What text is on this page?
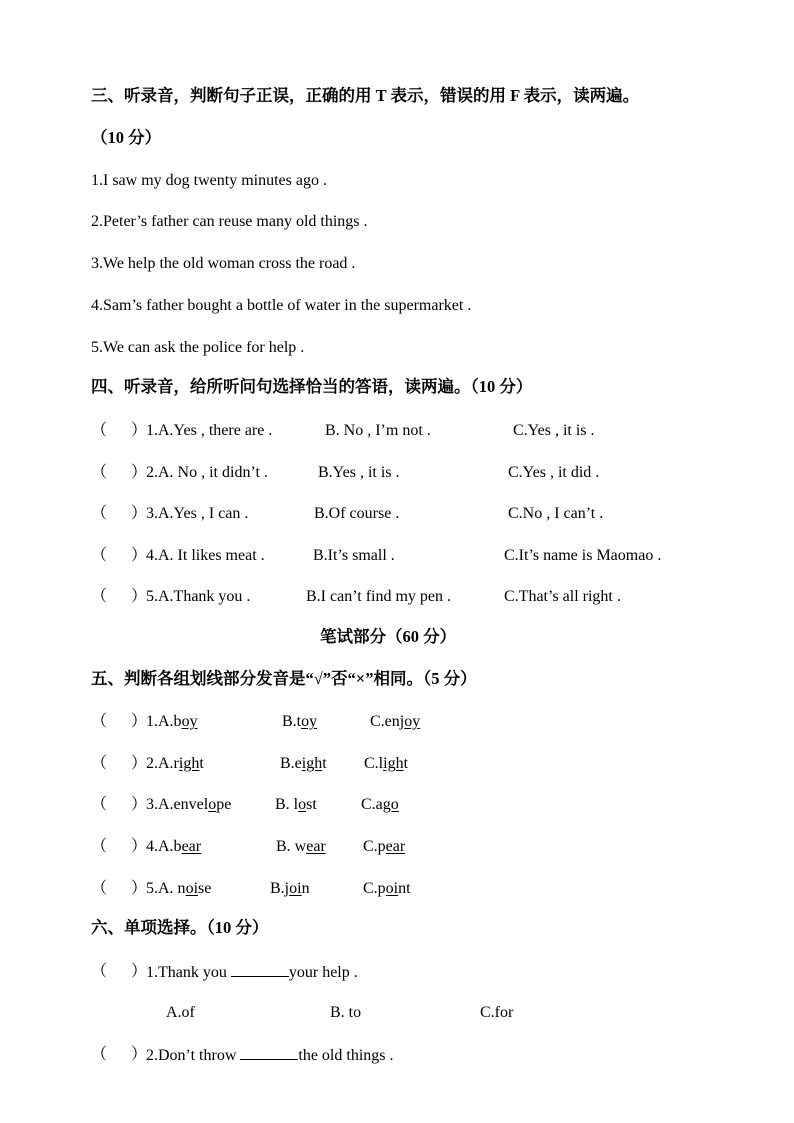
三、听录音，判断句子正误，正确的用 T 表示，错误的用 F 表示，读两遍。
（10 分）
1.I saw my dog twenty minutes ago .
2.Peter’s father can reuse many old things .
3.We help the old woman cross the road .
4.Sam’s father bought a bottle of water in the supermarket .
5.We can ask the police for help .
四、听录音，给所听问句选择恰当的答语，读两遍。（10 分）
（      ）
1.A.Yes , there are .	B. No , I’m not .	C.Yes , it is .
（      ）
2.A. No , it didn’t .	B.Yes , it is .	C.Yes , it did .
（      ）
3.A.Yes , I can .	B.Of course .	C.No , I can’t .
（      ）
4.A. It likes meat .	B.It’s small .	C.It’s name is Maomao .
（      ）
5.A.Thank you .	B.I can’t find my pen .	C.That’s all right .
笔试部分（60 分）
五、判断各组划线部分发音是“√”否“×”相同。（5 分）
（      ）
1.A.boy	B.toy	C.enjoy
（      ）
2.A.right	B.eight C.light
（      ）
3.A.envelope	B. lost	C.ago
（      ）
4.A.bear	B. wear C.pear
（      ）
5.A. noise	B.join	C.point
六、单项选择。（10 分）
（      ）
1.Thank you	your help .
A.of	B. to	C.for
（      ）
2.Don’t throw	the old things .
